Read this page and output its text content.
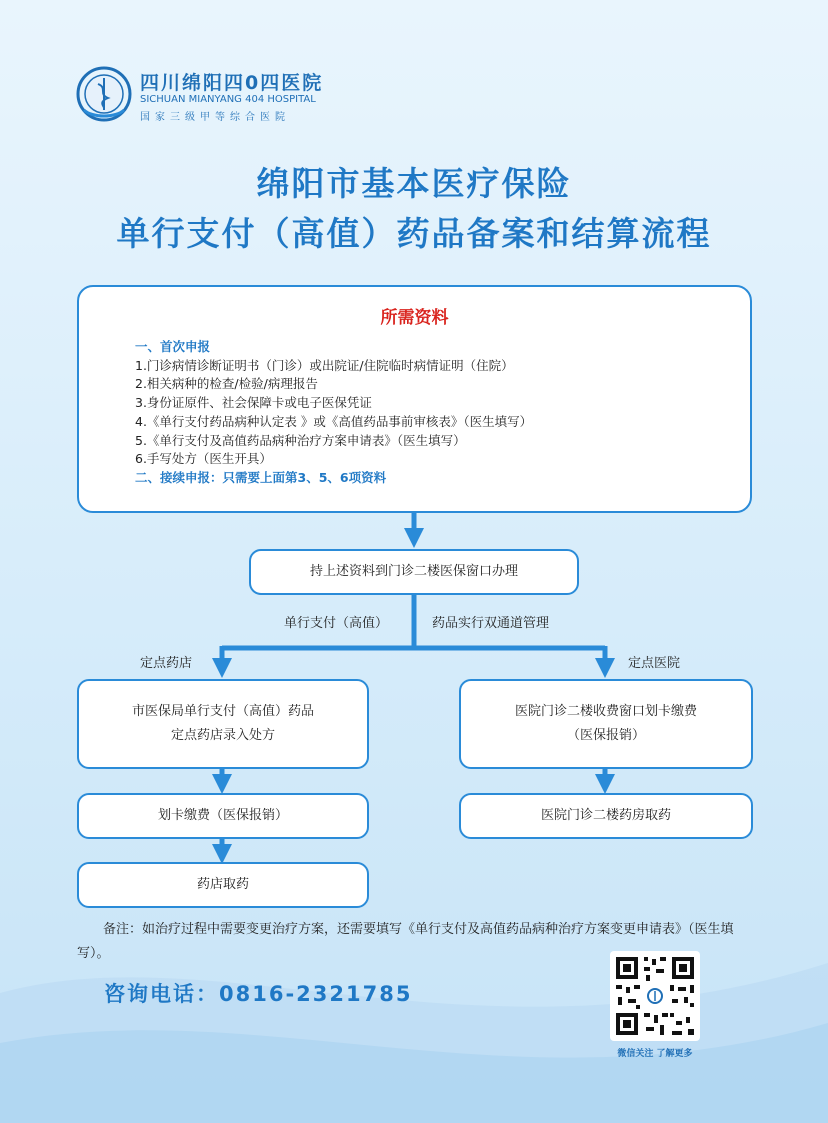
四川绵阳四0四医院
SICHUAN MIANYANG 404 HOSPITAL
国家三级甲等综合医院
绵阳市基本医疗保险
单行支付（高值）药品备案和结算流程
所需资料
一、首次申报
1.门诊病情诊断证明书（门诊）或出院证/住院临时病情证明（住院）
2.相关病种的检查/检验/病理报告
3.身份证原件、社会保障卡或电子医保凭证
4.《单行支付药品病种认定表 》或《高值药品事前审核表》（医生填写）
5.《单行支付及高值药品病种治疗方案申请表》（医生填写）
6.手写处方（医生开具）
二、接续申报：只需要上面第3、5、6项资料
持上述资料到门诊二楼医保窗口办理
单行支付（高值）	药品实行双通道管理
定点药店	定点医院
市医保局单行支付（高值）药品
定点药店录入处方
划卡缴费（医保报销）
药店取药
医院门诊二楼收费窗口划卡缴费
（医保报销）
医院门诊二楼药房取药
备注：如治疗过程中需要变更治疗方案，还需要填写《单行支付及高值药品病种治疗方案变更申请表》（医生填写）。
咨询电话：0816-2321785
微信关注 了解更多
